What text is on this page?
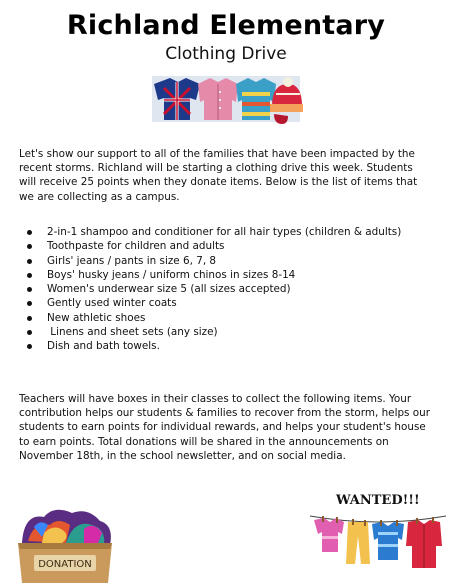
Richland Elementary
Clothing Drive

Let's show our support to all of the families that have been impacted by the recent storms. Richland will be starting a clothing drive this week. Students will receive 25 points when they donate items. Below is the list of items that we are collecting as a campus.

2-in-1 shampoo and conditioner for all hair types (children & adults)
Toothpaste for children and adults
Girls' jeans / pants in size 6, 7, 8
Boys' husky jeans / uniform chinos in sizes 8-14
Women's underwear size 5 (all sizes accepted)
Gently used winter coats
New athletic shoes
Linens and sheet sets (any size)
Dish and bath towels.

Teachers will have boxes in their classes to collect the following items. Your contribution helps our students & families to recover from the storm, helps our students to earn points for individual rewards, and helps your student's house to earn points. Total donations will be shared in the announcements on November 18th, in the school newsletter, and on social media.

DONATION
WANTED!!!
